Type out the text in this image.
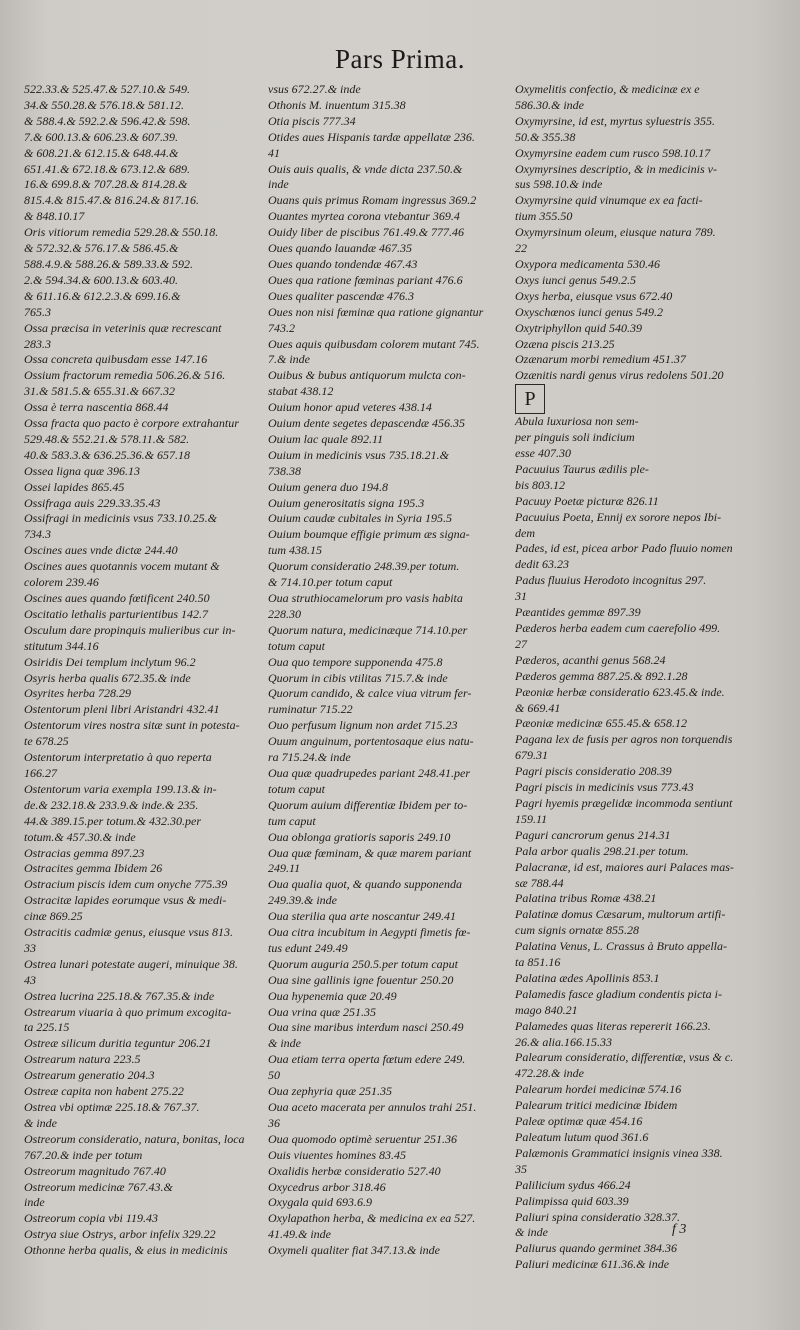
Pars Prima.

522.33.& 525.47.& 527.10.& 549.

34.& 550.28.& 576.18.& 581.12.

& 588.4.& 592.2.& 596.42.& 598.

7.& 600.13.& 606.23.& 607.39.

& 608.21.& 612.15.& 648.44.&

651.41.& 672.18.& 673.12.& 689.

16.& 699.8.& 707.28.& 814.28.&

815.4.& 815.47.& 816.24.& 817.16.

& 848.10.17

Oris vitiorum remedia 529.28.& 550.18.

& 572.32.& 576.17.& 586.45.&

588.4.9.& 588.26.& 589.33.& 592.

2.& 594.34.& 600.13.& 603.40.

& 611.16.& 612.2.3.& 699.16.&

765.3

Ossa præcisa in veterinis quæ recrescant

283.3

Ossa concreta quibusdam esse 147.16

Ossium fractorum remedia 506.26.& 516.

31.& 581.5.& 655.31.& 667.32

Ossa è terra nascentia 868.44

Ossa fracta quo pacto è corpore extrahantur

529.48.& 552.21.& 578.11.& 582.

40.& 583.3.& 636.25.36.& 657.18

Ossea ligna quæ 396.13

Ossei lapides 865.45

Ossifraga auis 229.33.35.43

Ossifragi in medicinis vsus 733.10.25.&

734.3

Oscines aues vnde dictæ 244.40

Oscines aues quotannis vocem mutant &

colorem 239.46

Oscines aues quando fœtificent 240.50

Oscitatio lethalis parturientibus 142.7

Osculum dare propinquis mulieribus cur in-

stitutum 344.16

Osiridis Dei templum inclytum 96.2

Osyris herba qualis 672.35.& inde

Osyrites herba 728.29

Ostentorum pleni libri Aristandri 432.41

Ostentorum vires nostra sitæ sunt in potesta-

te 678.25

Ostentorum interpretatio à quo reperta

166.27

Ostentorum varia exempla 199.13.& in-

de.& 232.18.& 233.9.& inde.& 235.

44.& 389.15.per totum.& 432.30.per

totum.& 457.30.& inde

Ostracias gemma 897.23

Ostracites gemma Ibidem 26

Ostracium piscis idem cum onyche 775.39

Ostracitæ lapides eorumque vsus & medi-

cinæ 869.25

Ostracitis cadmiæ genus, eiusque vsus 813.

33

Ostrea lunari potestate augeri, minuique 38.

43

Ostrea lucrina 225.18.& 767.35.& inde

Ostrearum viuaria à quo primum excogita-

ta 225.15

Ostreæ silicum duritia teguntur 206.21

Ostrearum natura 223.5

Ostrearum generatio 204.3

Ostreæ capita non habent 275.22

Ostrea vbi optimæ 225.18.& 767.37.

& inde

Ostreorum consideratio, natura, bonitas, loca

767.20.& inde per totum

Ostreorum magnitudo 767.40

Ostreorum medicinæ 767.43.&

inde

Ostreorum copia vbi 119.43

Ostrya siue Ostrys, arbor infelix 329.22

Othonne herba qualis, & eius in medicinis

vsus 672.27.& inde

Othonis M. inuentum 315.38

Otia piscis 777.34

Otides aues Hispanis tardæ appellatæ 236.

41

Ouis auis qualis, & vnde dicta 237.50.&

inde

Ouans quis primus Romam ingressus 369.2

Ouantes myrtea corona vtebantur 369.4

Ouidy liber de piscibus 761.49.& 777.46

Oues quando lauandæ 467.35

Oues quando tondendæ 467.43

Oues qua ratione fœminas pariant 476.6

Oues qualiter pascendæ 476.3

Oues non nisi fœminæ qua ratione gignantur

743.2

Oues aquis quibusdam colorem mutant 745.

7.& inde

Ouibus & bubus antiquorum mulcta con-

stabat 438.12

Ouium honor apud veteres 438.14

Ouium dente segetes depascendæ 456.35

Ouium lac quale 892.11

Ouium in medicinis vsus 735.18.21.&

738.38

Ouium genera duo 194.8

Ouium generositatis signa 195.3

Ouium caudæ cubitales in Syria 195.5

Ouium boumque effigie primum æs signa-

tum 438.15

Quorum consideratio 248.39.per totum.

& 714.10.per totum caput

Oua struthiocamelorum pro vasis habita

228.30

Quorum natura, medicinæque 714.10.per

totum caput

Oua quo tempore supponenda 475.8

Quorum in cibis vtilitas 715.7.& inde

Quorum candido, & calce viua vitrum fer-

ruminatur 715.22

Ouo perfusum lignum non ardet 715.23

Ouum anguinum, portentosaque eius natu-

ra 715.24.& inde

Oua quæ quadrupedes pariant 248.41.per

totum caput

Quorum auium differentiæ Ibidem per to-

tum caput

Oua oblonga gratioris saporis 249.10

Oua quæ fœminam, & quæ marem pariant

249.11

Oua qualia quot, & quando supponenda

249.39.& inde

Oua sterilia qua arte noscantur 249.41

Oua citra incubitum in Aegypti fimetis fœ-

tus edunt 249.49

Quorum auguria 250.5.per totum caput

Oua sine gallinis igne fouentur 250.20

Oua hypenemia quæ 20.49

Oua vrina quæ 251.35

Oua sine maribus interdum nasci 250.49

& inde

Oua etiam terra operta fœtum edere 249.

50

Oua zephyria quæ 251.35

Oua aceto macerata per annulos trahi 251.

36

Oua quomodo optimè seruentur 251.36

Ouis viuentes homines 83.45

Oxalidis herbæ consideratio 527.40

Oxycedrus arbor 318.46

Oxygala quid 693.6.9

Oxylapathon herba, & medicina ex ea 527.

41.49.& inde

Oxymeli qualiter fiat 347.13.& inde

Oxymelitis confectio, & medicinæ ex e

586.30.& inde

Oxymyrsine, id est, myrtus syluestris 355.

50.& 355.38

Oxymyrsine eadem cum rusco 598.10.17

Oxymyrsines descriptio, & in medicinis v-

sus 598.10.& inde

Oxymyrsine quid vinumque ex ea facti-

tium 355.50

Oxymyrsinum oleum, eiusque natura 789.

22

Oxypora medicamenta 530.46

Oxys iunci genus 549.2.5

Oxys herba, eiusque vsus 672.40

Oxyschœnos iunci genus 549.2

Oxytriphyllon quid 540.39

Ozæna piscis 213.25

Ozænarum morbi remedium 451.37

Ozænitis nardi genus virus redolens 501.20

P

Abula luxuriosa non sem-

per pinguis soli indicium

esse 407.30

Pacuuius Taurus ædilis ple-

bis 803.12

Pacuuy Poetæ picturæ 826.11

Pacuuius Poeta, Ennij ex sorore nepos Ibi-

dem

Pades, id est, picea arbor Pado fluuio nomen

dedit 63.23

Padus fluuius Herodoto incognitus 297.

31

Pæantides gemmæ 897.39

Pæderos herba eadem cum caerefolio 499.

27

Pæderos, acanthi genus 568.24

Pæderos gemma 887.25.& 892.1.28

Pæoniæ herbæ consideratio 623.45.& inde.

& 669.41

Pæoniæ medicinæ 655.45.& 658.12

Pagana lex de fusis per agros non torquendis

679.31

Pagri piscis consideratio 208.39

Pagri piscis in medicinis vsus 773.43

Pagri hyemis prægelidæ incommoda sentiunt

159.11

Paguri cancrorum genus 214.31

Pala arbor qualis 298.21.per totum.

Palacranæ, id est, maiores auri Palaces mas-

sæ 788.44

Palatina tribus Romæ 438.21

Palatinæ domus Cæsarum, multorum artifi-

cum signis ornatæ 855.28

Palatina Venus, L. Crassus à Bruto appella-

ta 851.16

Palatina ædes Apollinis 853.1

Palamedis fasce gladium condentis picta i-

mago 840.21

Palamedes quas literas repererit 166.23.

26.& alia.166.15.33

Palearum consideratio, differentiæ, vsus & c.

472.28.& inde

Palearum hordei medicinæ 574.16

Palearum tritici medicinæ Ibidem

Paleæ optimæ quæ 454.16

Paleatum lutum quod 361.6

Palæmonis Grammatici insignis vinea 338.

35

Palilicium sydus 466.24

Palimpissa quid 603.39

Paliuri spina consideratio 328.37.

& inde

Paliurus quando germinet 384.36

Paliuri medicinæ 611.36.& inde

f 3
